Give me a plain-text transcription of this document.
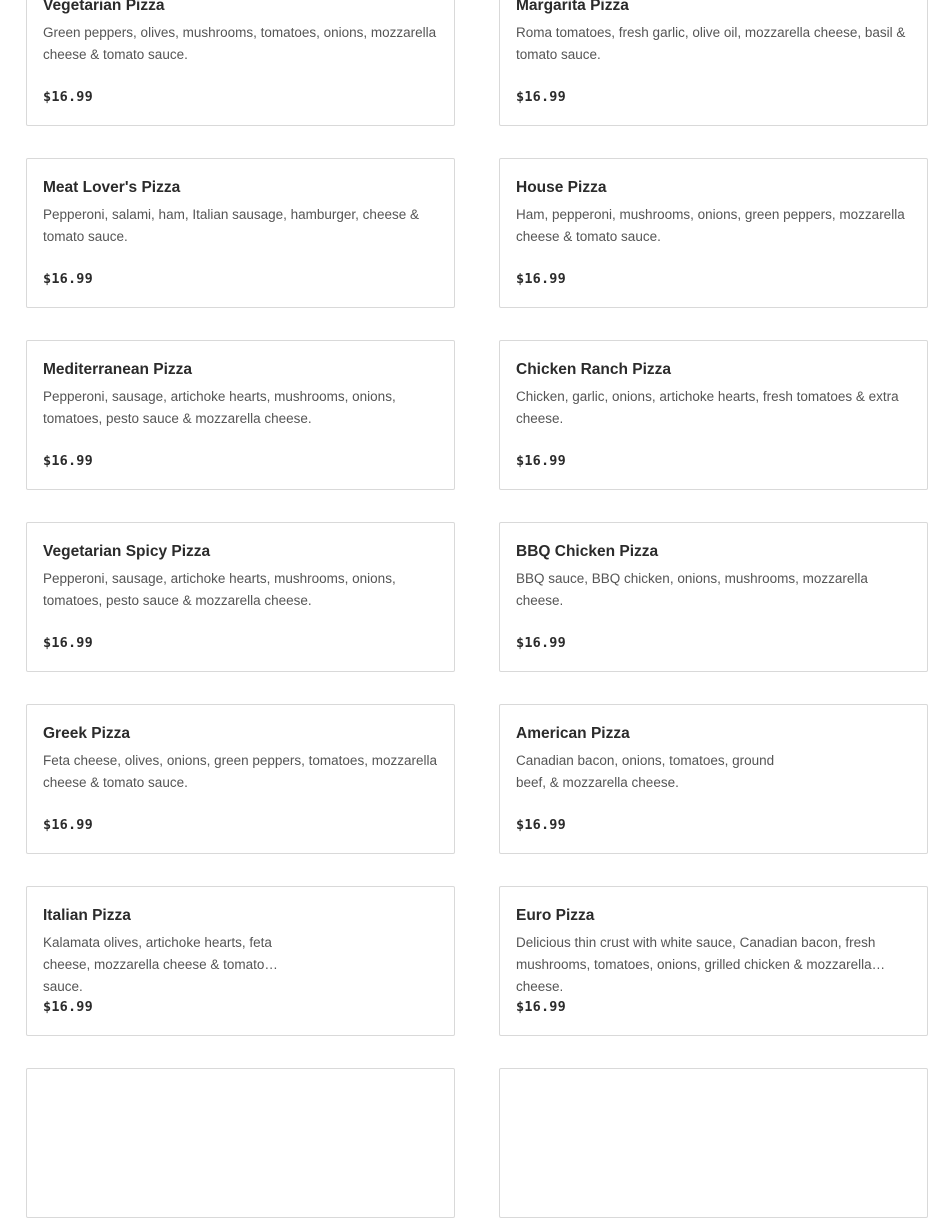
Vegetarian Pizza
Green peppers, olives, mushrooms, tomatoes, onions, mozzarella cheese & tomato sauce.
$16.99
Margarita Pizza
Roma tomatoes, fresh garlic, olive oil, mozzarella cheese, basil & tomato sauce.
$16.99
Meat Lover's Pizza
Pepperoni, salami, ham, Italian sausage, hamburger, cheese & tomato sauce.
$16.99
House Pizza
Ham, pepperoni, mushrooms, onions, green peppers, mozzarella cheese & tomato sauce.
$16.99
Mediterranean Pizza
Pepperoni, sausage, artichoke hearts, mushrooms, onions, tomatoes, pesto sauce & mozzarella cheese.
$16.99
Chicken Ranch Pizza
Chicken, garlic, onions, artichoke hearts, fresh tomatoes & extra cheese.
$16.99
Vegetarian Spicy Pizza
Pepperoni, sausage, artichoke hearts, mushrooms, onions, tomatoes, pesto sauce & mozzarella cheese.
$16.99
BBQ Chicken Pizza
BBQ sauce, BBQ chicken, onions, mushrooms, mozzarella cheese.
$16.99
Greek Pizza
Feta cheese, olives, onions, green peppers, tomatoes, mozzarella cheese & tomato sauce.
$16.99
American Pizza
Canadian bacon, onions, tomatoes, ground beef, & mozzarella cheese.
$16.99
Italian Pizza
Kalamata olives, artichoke hearts, feta cheese, mozzarella cheese & tomato sauce.
$16.99
Euro Pizza
Delicious thin crust with white sauce, Canadian bacon, fresh mushrooms, tomatoes, onions, grilled chicken & mozzarella cheese.
$16.99
